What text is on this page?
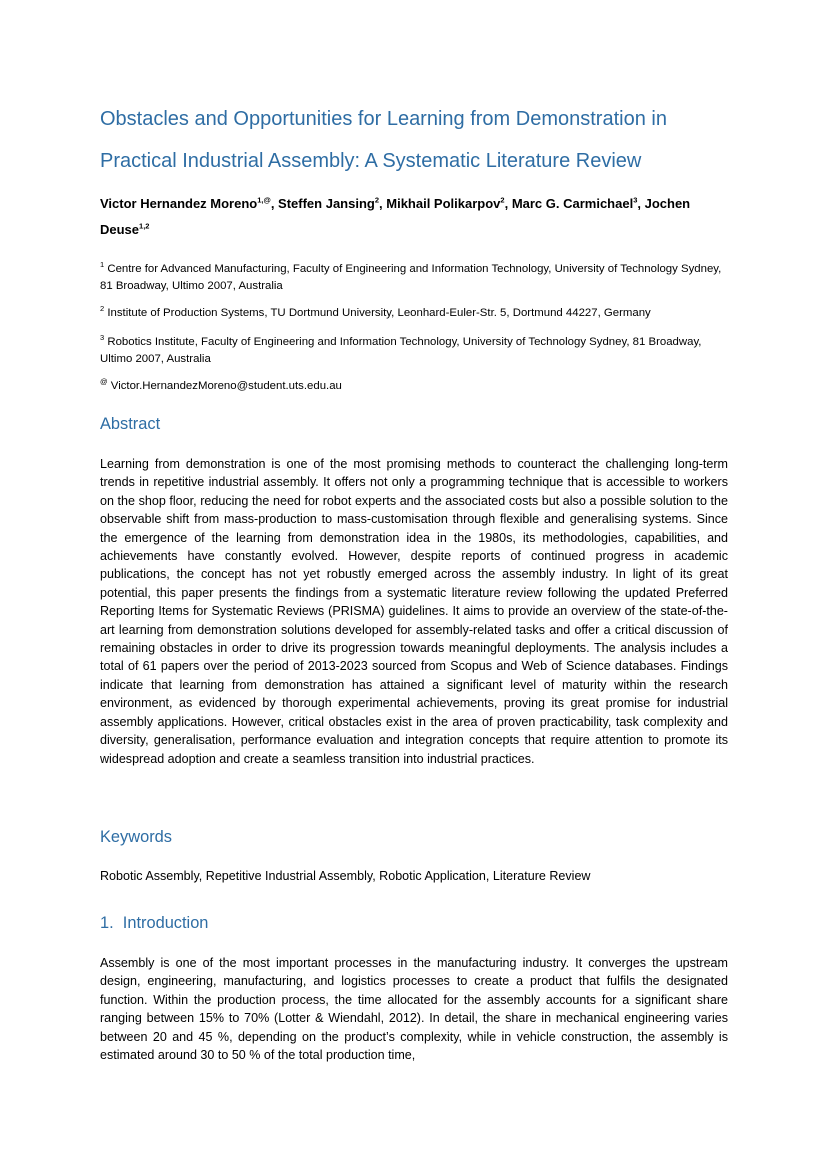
Obstacles and Opportunities for Learning from Demonstration in Practical Industrial Assembly: A Systematic Literature Review

Victor Hernandez Moreno$^{1,@}$, Steffen Jansing$^2$, Mikhail Polikarpov$^2$, Marc G. Carmichael$^3$, Jochen Deuse$^{1,2}$

$^1$ Centre for Advanced Manufacturing, Faculty of Engineering and Information Technology, University of Technology Sydney, 81 Broadway, Ultimo 2007, Australia

$^2$ Institute of Production Systems, TU Dortmund University, Leonhard-Euler-Str. 5, Dortmund 44227, Germany

$^3$ Robotics Institute, Faculty of Engineering and Information Technology, University of Technology Sydney, 81 Broadway, Ultimo 2007, Australia

@ Victor.HernandezMoreno@student.uts.edu.au

Abstract

Learning from demonstration is one of the most promising methods to counteract the challenging long-term trends in repetitive industrial assembly. It offers not only a programming technique that is accessible to workers on the shop floor, reducing the need for robot experts and the associated costs but also a possible solution to the observable shift from mass-production to mass-customisation through flexible and generalising systems. Since the emergence of the learning from demonstration idea in the 1980s, its methodologies, capabilities, and achievements have constantly evolved. However, despite reports of continued progress in academic publications, the concept has not yet robustly emerged across the assembly industry. In light of its great potential, this paper presents the findings from a systematic literature review following the updated Preferred Reporting Items for Systematic Reviews (PRISMA) guidelines. It aims to provide an overview of the state-of-the-art learning from demonstration solutions developed for assembly-related tasks and offer a critical discussion of remaining obstacles in order to drive its progression towards meaningful deployments. The analysis includes a total of 61 papers over the period of 2013-2023 sourced from Scopus and Web of Science databases. Findings indicate that learning from demonstration has attained a significant level of maturity within the research environment, as evidenced by thorough experimental achievements, proving its great promise for industrial assembly applications. However, critical obstacles exist in the area of proven practicability, task complexity and diversity, generalisation, performance evaluation and integration concepts that require attention to promote its widespread adoption and create a seamless transition into industrial practices.

Keywords

Robotic Assembly, Repetitive Industrial Assembly, Robotic Application, Literature Review

1.  Introduction

Assembly is one of the most important processes in the manufacturing industry. It converges the upstream design, engineering, manufacturing, and logistics processes to create a product that fulfils the designated function. Within the production process, the time allocated for the assembly accounts for a significant share ranging between 15% to 70% (Lotter & Wiendahl, 2012). In detail, the share in mechanical engineering varies between 20 and 45 %, depending on the product’s complexity, while in vehicle construction, the assembly is estimated around 30 to 50 % of the total production time,
